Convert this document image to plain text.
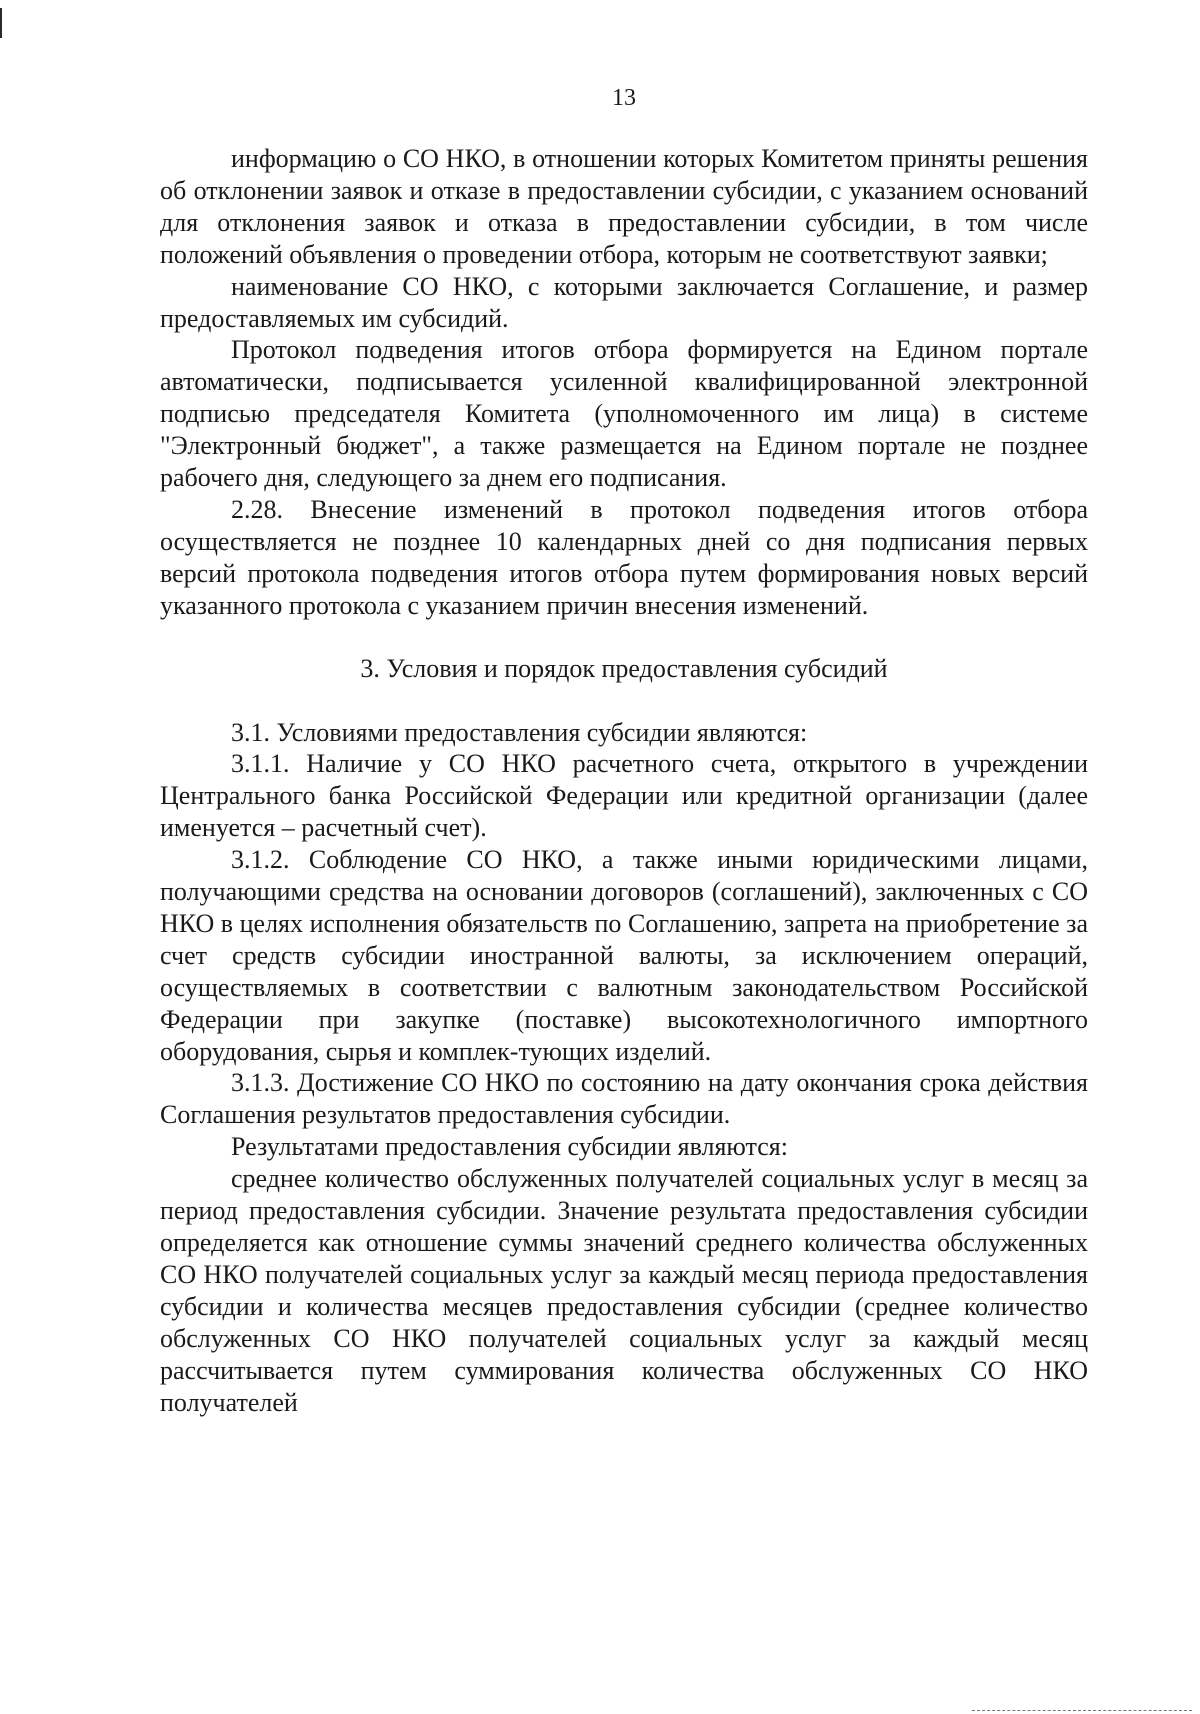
13

информацию о СО НКО, в отношении которых Комитетом приняты решения об отклонении заявок и отказе в предоставлении субсидии, с указанием оснований для отклонения заявок и отказа в предоставлении субсидии, в том числе положений объявления о проведении отбора, которым не соответствуют заявки;

наименование СО НКО, с которыми заключается Соглашение, и размер предоставляемых им субсидий.

Протокол подведения итогов отбора формируется на Едином портале автоматически, подписывается усиленной квалифицированной электронной подписью председателя Комитета (уполномоченного им лица) в системе "Электронный бюджет", а также размещается на Едином портале не позднее рабочего дня, следующего за днем его подписания.

2.28. Внесение изменений в протокол подведения итогов отбора осуществляется не позднее 10 календарных дней со дня подписания первых версий протокола подведения итогов отбора путем формирования новых версий указанного протокола с указанием причин внесения изменений.

3. Условия и порядок предоставления субсидий

3.1. Условиями предоставления субсидии являются:

3.1.1. Наличие у СО НКО расчетного счета, открытого в учреждении Центрального банка Российской Федерации или кредитной организации (далее именуется – расчетный счет).

3.1.2. Соблюдение СО НКО, а также иными юридическими лицами, получающими средства на основании договоров (соглашений), заключенных с СО НКО в целях исполнения обязательств по Соглашению, запрета на приобретение за счет средств субсидии иностранной валюты, за исключением операций, осуществляемых в соответствии с валютным законодательством Российской Федерации при закупке (поставке) высокотехнологичного импортного оборудования, сырья и комплек-тующих изделий.

3.1.3. Достижение СО НКО по состоянию на дату окончания срока действия Соглашения результатов предоставления субсидии.

Результатами предоставления субсидии являются:

среднее количество обслуженных получателей социальных услуг в месяц за период предоставления субсидии. Значение результата предоставления субсидии определяется как отношение суммы значений среднего количества обслуженных СО НКО получателей социальных услуг за каждый месяц периода предоставления субсидии и количества месяцев предоставления субсидии (среднее количество обслуженных СО НКО получателей социальных услуг за каждый месяц рассчитывается путем суммирования количества обслуженных СО НКО получателей
